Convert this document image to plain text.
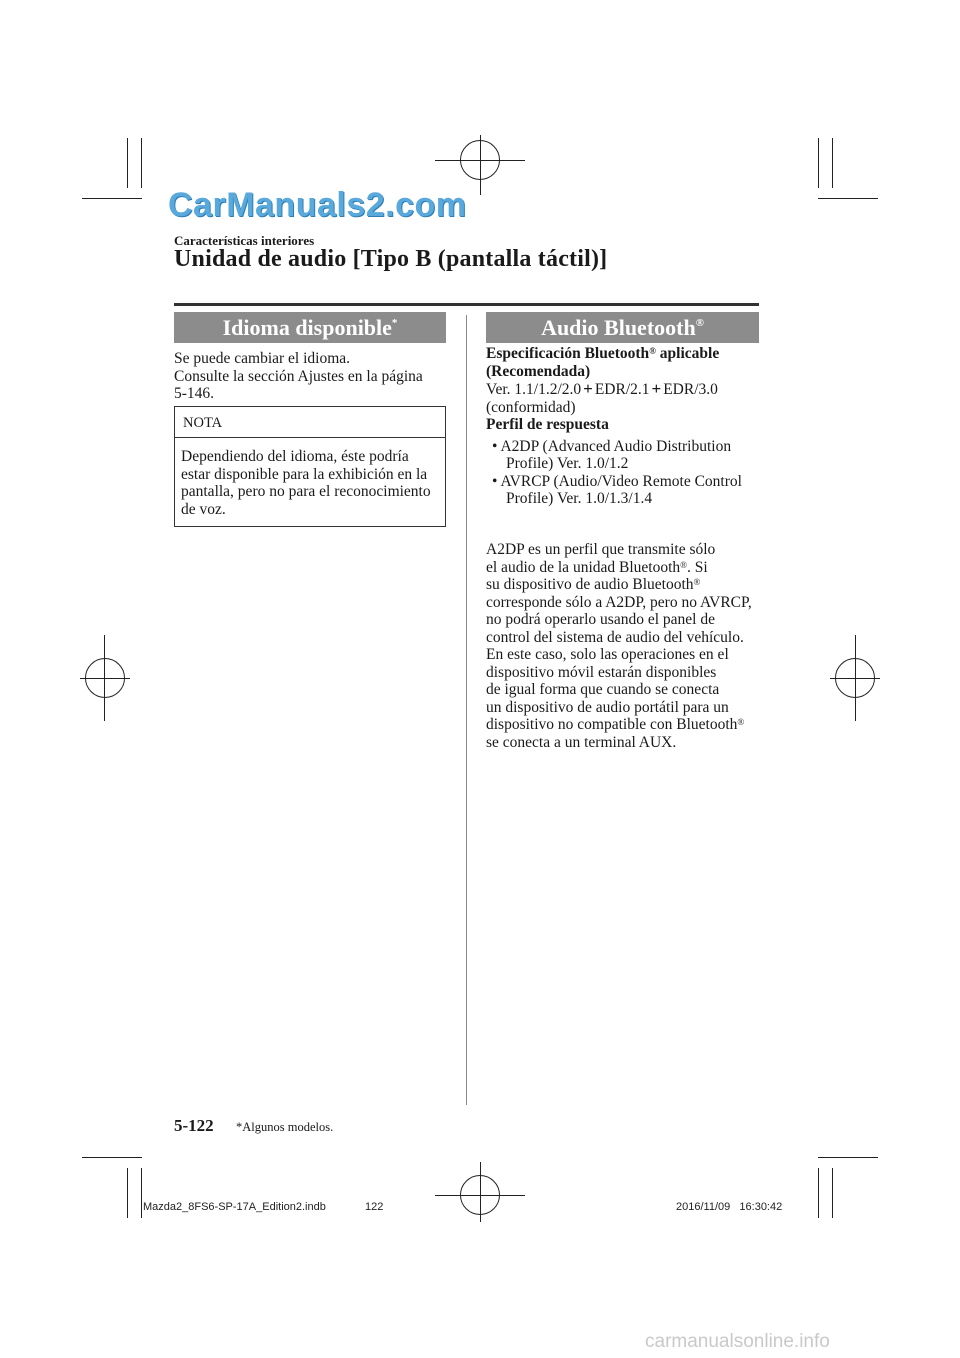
CarManuals2.com
Características interiores
Unidad de audio [Tipo B (pantalla táctil)]
Idioma disponible*
Se puede cambiar el idioma.
Consulte la sección Ajustes en la página
5-146.
NOTA
Dependiendo del idioma, éste podría
estar disponible para la exhibición en la
pantalla, pero no para el reconocimiento
de voz.
Audio Bluetooth®
Especificación Bluetooth® aplicable
(Recomendada)
Ver. 1.1/1.2/2.0 + EDR/2.1 + EDR/3.0
(conformidad)
Perfil de respuesta
• A2DP (Advanced Audio Distribution
Profile) Ver. 1.0/1.2
• AVRCP (Audio/Video Remote Control
Profile) Ver. 1.0/1.3/1.4
A2DP es un perfil que transmite sólo
el audio de la unidad Bluetooth®. Si
su dispositivo de audio Bluetooth®
corresponde sólo a A2DP, pero no AVRCP,
no podrá operarlo usando el panel de
control del sistema de audio del vehículo.
En este caso, solo las operaciones en el
dispositivo móvil estarán disponibles
de igual forma que cuando se conecta
un dispositivo de audio portátil para un
dispositivo no compatible con Bluetooth®
se conecta a un terminal AUX.
5-122 *Algunos modelos.
Mazda2_8FS6-SP-17A_Edition2.indb	122	2016/11/09   16:30:42
carmanualsonline.info
